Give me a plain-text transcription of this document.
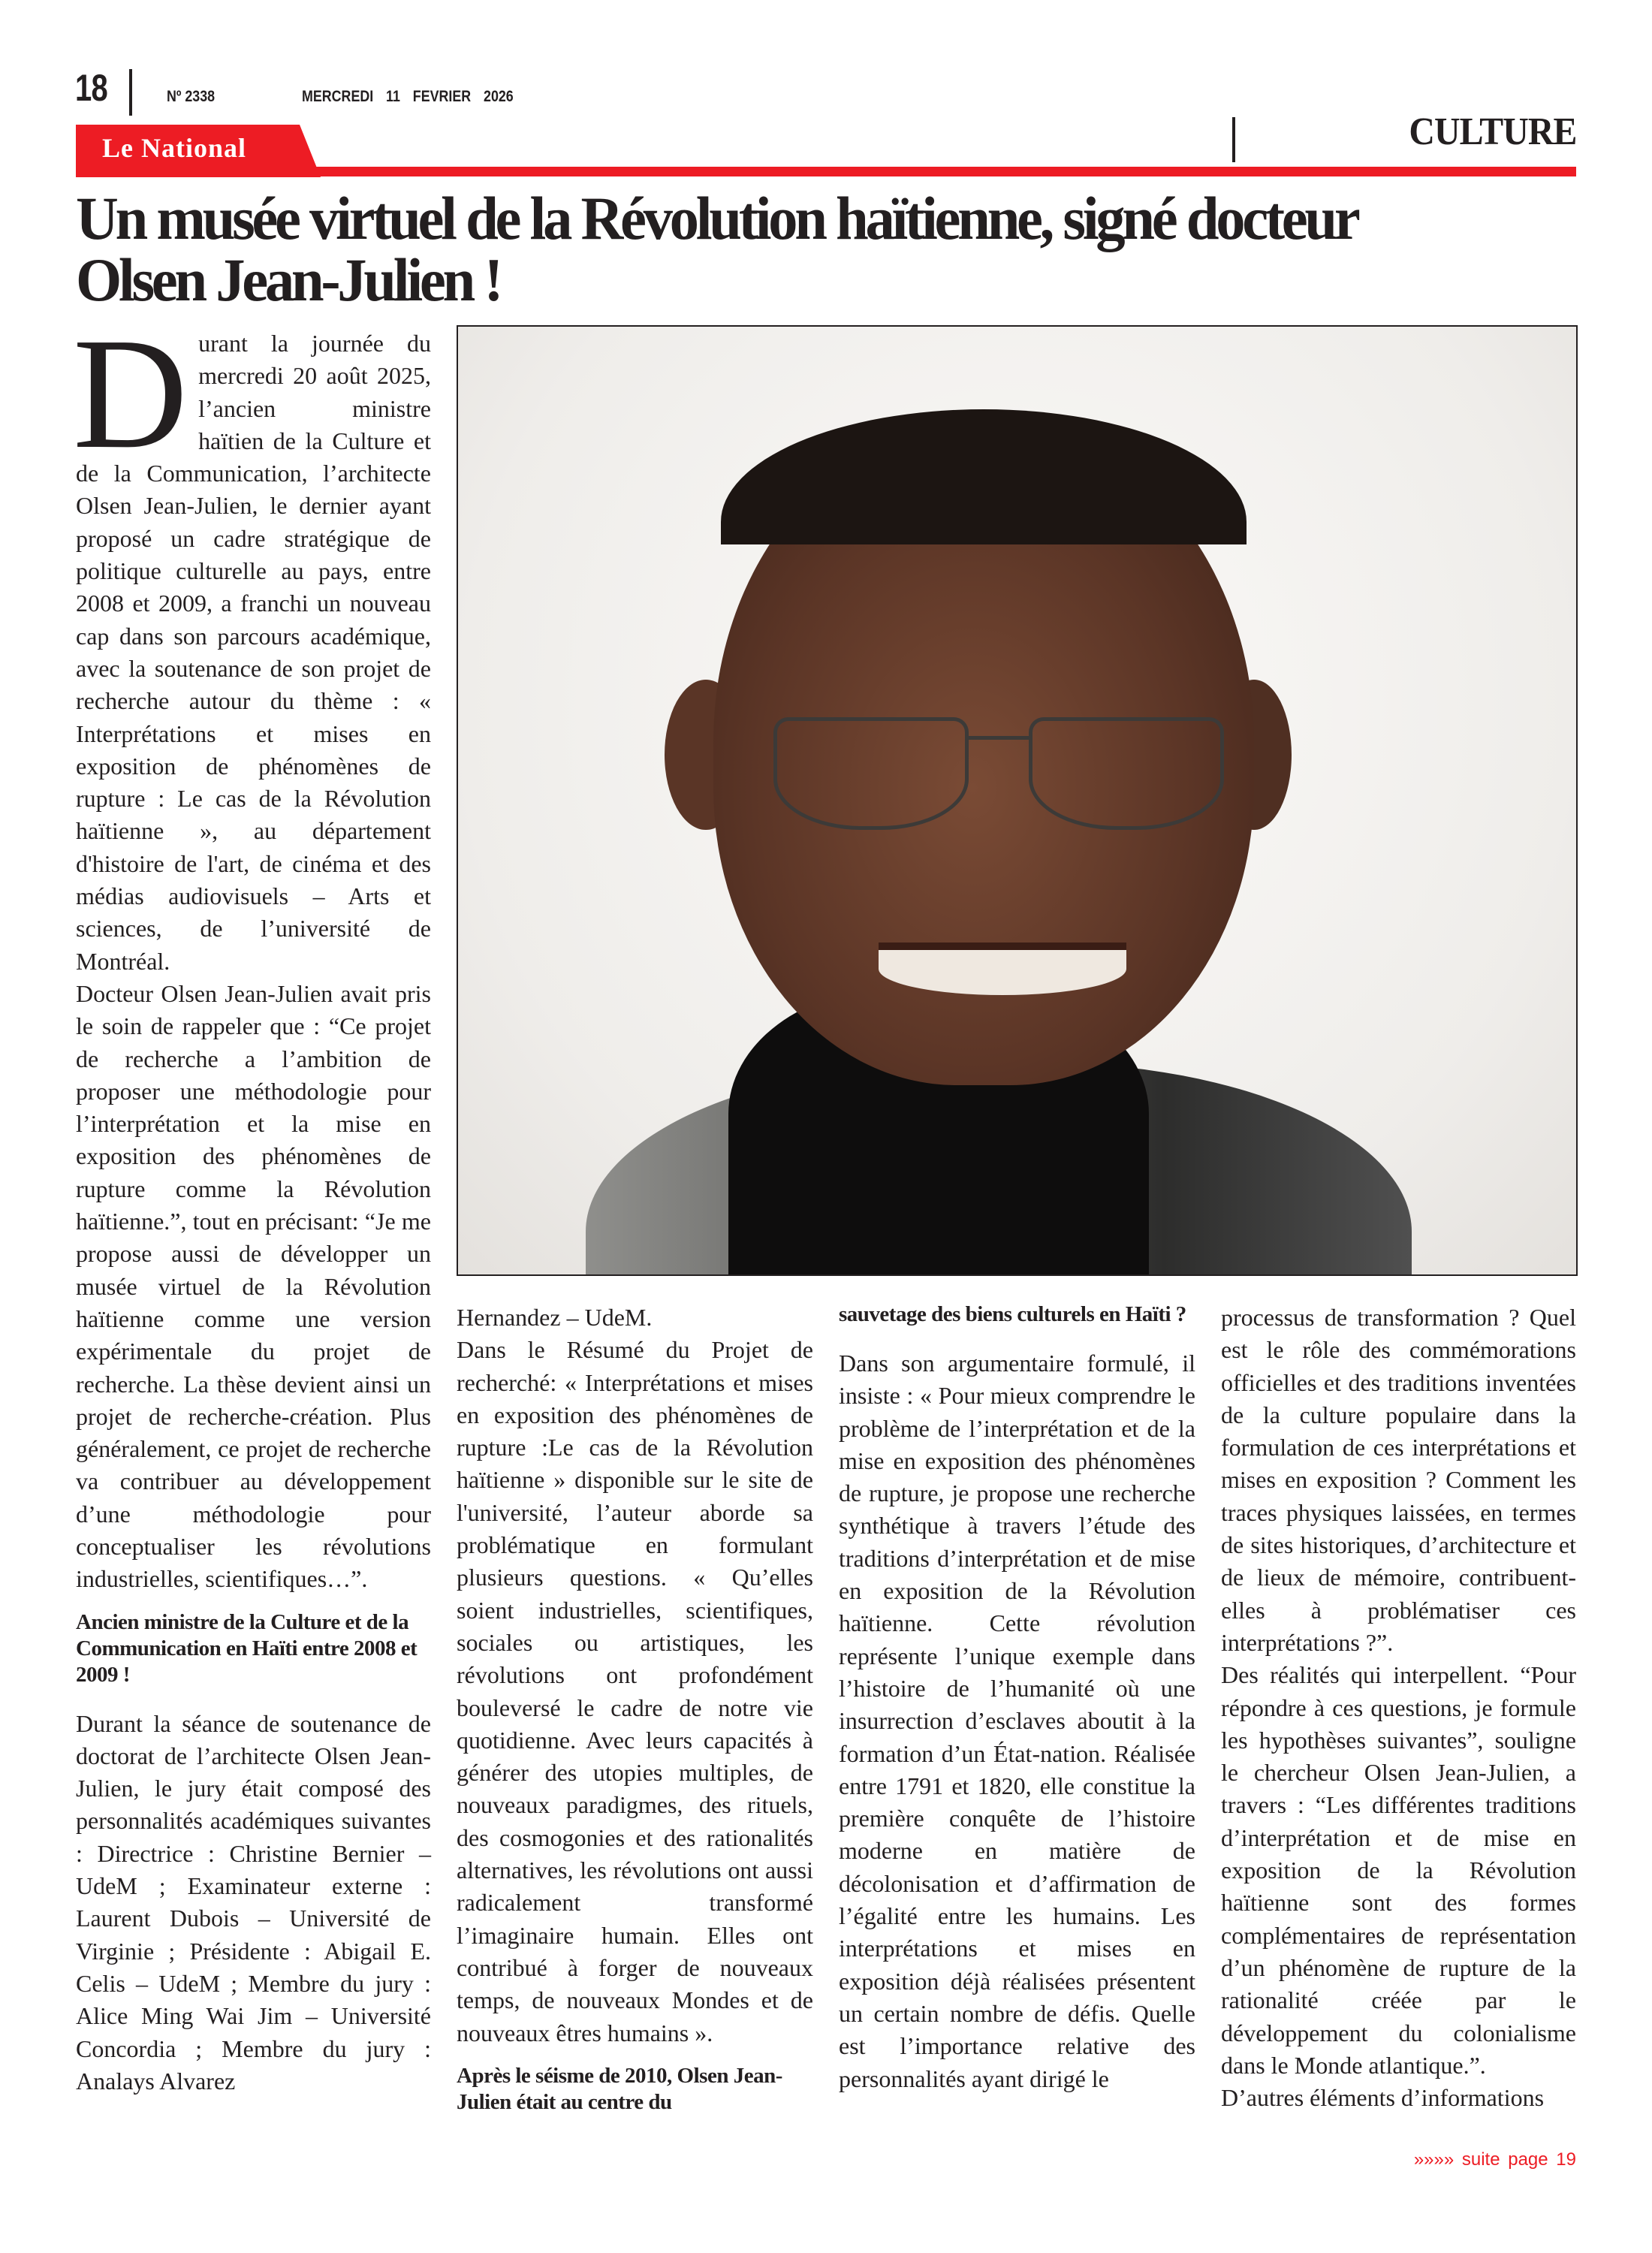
18	Nº 2338	MERCREDI 11 FEVRIER 2026
CULTURE
Le National
Un musée virtuel de la Révolution haïtienne, signé docteur
Olsen Jean-Julien !
D urant la journée du mercredi 20 août 2025, l’ancien ministre haïtien de la Culture et de la Communication, l’architecte Olsen Jean-Julien, le dernier ayant proposé un cadre stratégique de politique culturelle au pays, entre 2008 et 2009, a franchi un nouveau cap dans son parcours académique, avec la soutenance de son projet de recherche autour du thème : « Interprétations et mises en exposition de phénomènes de rupture : Le cas de la Révolution haïtienne », au département d'histoire de l'art, de cinéma et des médias audiovisuels – Arts et sciences, de l’université de Montréal.

Docteur Olsen Jean-Julien avait pris le soin de rappeler que : “Ce projet de recherche a l’ambition de proposer une méthodologie pour l’interprétation et la mise en exposition des phénomènes de rupture comme la Révolution haïtienne.”, tout en précisant: “Je me propose aussi de développer un musée virtuel de la Révolution haïtienne comme une version expérimentale du projet de recherche. La thèse devient ainsi un projet de recherche-création. Plus généralement, ce projet de recherche va contribuer au développement d’une méthodologie pour conceptualiser les révolutions industrielles, scientifiques…”.

Ancien ministre de la Culture et de la Communication en Haïti entre 2008 et 2009 !

Durant la séance de soutenance de doctorat de l’architecte Olsen Jean-Julien, le jury était composé des personnalités académiques suivantes : Directrice : Christine Bernier – UdeM ; Examinateur externe : Laurent Dubois – Université de Virginie ; Présidente : Abigail E. Celis – UdeM ; Membre du jury : Alice Ming Wai Jim – Université Concordia ; Membre du jury : Analays Alvarez

Hernandez – UdeM.

Dans le Résumé du Projet de recherché: « Interprétations et mises en exposition des phénomènes de rupture :Le cas de la Révolution haïtienne » disponible sur le site de l'université, l’auteur aborde sa problématique en formulant plusieurs questions. « Qu’elles soient industrielles, scientifiques, sociales ou artistiques, les révolutions ont profondément bouleversé le cadre de notre vie quotidienne. Avec leurs capacités à générer des utopies multiples, de nouveaux paradigmes, des rituels, des cosmogonies et des rationalités alternatives, les révolutions ont aussi radicalement transformé l’imaginaire humain. Elles ont contribué à forger de nouveaux temps, de nouveaux Mondes et de nouveaux êtres humains ».

Après le séisme de 2010, Olsen Jean-Julien était au centre du

sauvetage des biens culturels en Haïti ?

Dans son argumentaire formulé, il insiste : « Pour mieux comprendre le problème de l’interprétation et de la mise en exposition des phénomènes de rupture, je propose une recherche synthétique à travers l’étude des traditions d’interprétation et de mise en exposition de la Révolution haïtienne. Cette révolution représente l’unique exemple dans l’histoire de l’humanité où une insurrection d’esclaves aboutit à la formation d’un État-nation. Réalisée entre 1791 et 1820, elle constitue la première conquête de l’histoire moderne en matière de décolonisation et d’affirmation de l’égalité entre les humains. Les interprétations et mises en exposition déjà réalisées présentent un certain nombre de défis. Quelle est l’importance relative des personnalités ayant dirigé le

processus de transformation ? Quel est le rôle des commémorations officielles et des traditions inventées de la culture populaire dans la formulation de ces interprétations et mises en exposition ? Comment les traces physiques laissées, en termes de sites historiques, d’architecture et de lieux de mémoire, contribuent-elles à problématiser ces interprétations ?”.

Des réalités qui interpellent. “Pour répondre à ces questions, je formule les hypothèses suivantes”, souligne le chercheur Olsen Jean-Julien, a travers : “Les différentes traditions d’interprétation et de mise en exposition de la Révolution haïtienne sont des formes complémentaires de représentation d’un phénomène de rupture de la rationalité créée par le développement du colonialisme dans le Monde atlantique.”.

D’autres éléments d’informations

»»»» suite page 19
